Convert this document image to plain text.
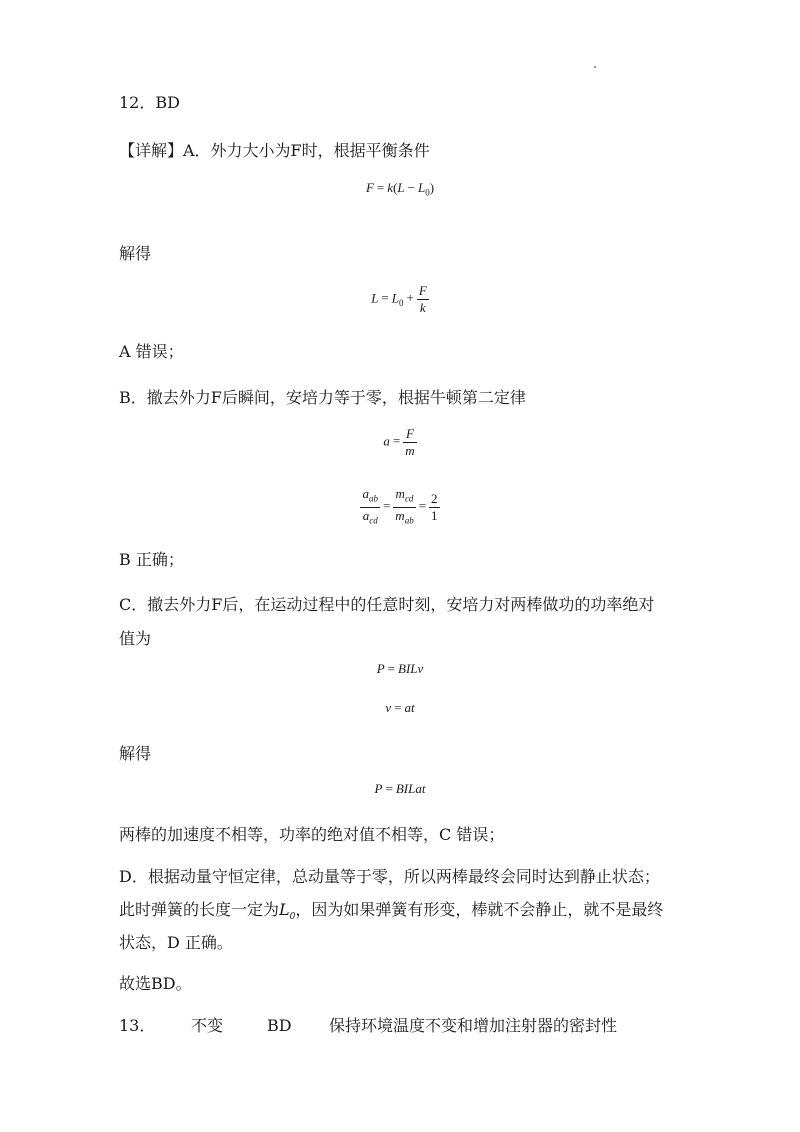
12．BD
【详解】A．外力大小为F时，根据平衡条件
$F = k(L - L_0)$
解得
$L = L_0 + \frac{F}{k}$
A 错误；
B．撤去外力F后瞬间，安培力等于零，根据牛顿第二定律
$a = \frac{F}{m}$
$\frac{a_{ab}}{a_{cd}} = \frac{m_{cd}}{m_{ab}} = \frac{2}{1}$
B 正确；
C．撤去外力F后，在运动过程中的任意时刻，安培力对两棒做功的功率绝对
值为
P = BILv
v = at
解得
P = BILat
两棒的加速度不相等，功率的绝对值不相等，C 错误；
D．根据动量守恒定律，总动量等于零，所以两棒最终会同时达到静止状态；
此时弹簧的长度一定为$L_0$，因为如果弹簧有形变，棒就不会静止，就不是最终
状态，D 正确。
故选BD。
13． 不变	BD 保持环境温度不变和增加注射器的密封性
